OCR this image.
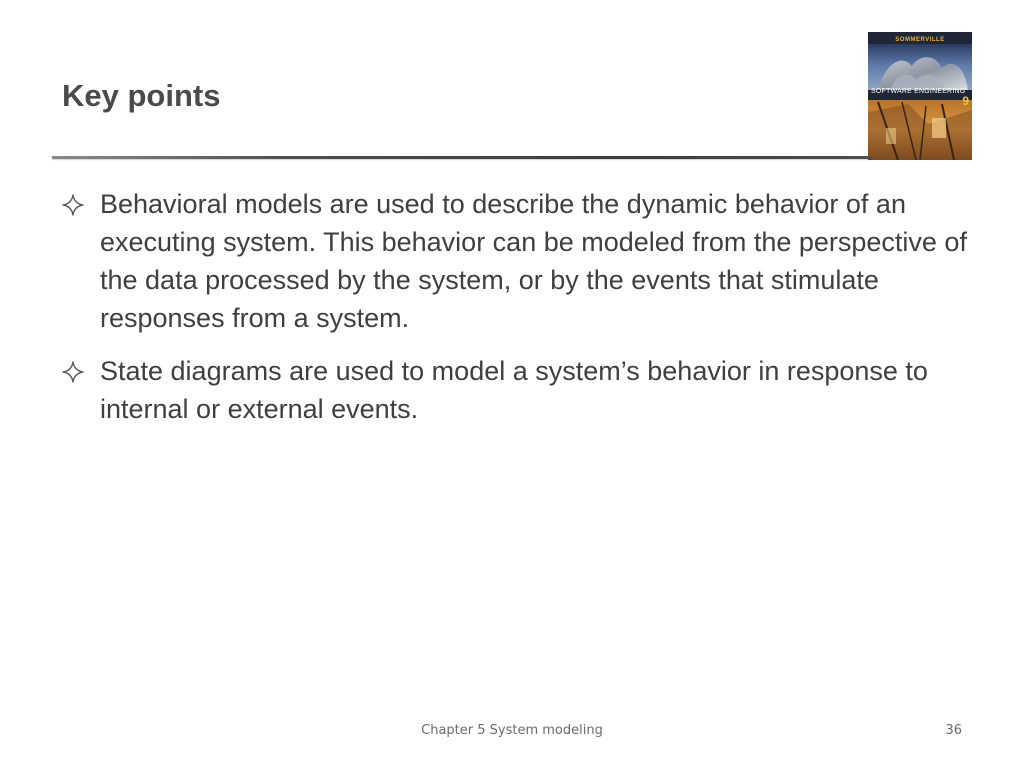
Key points
SOMMERVILLE
SOFTWARE ENGINEERING
9
Behavioral models are used to describe the dynamic behavior of an executing system. This behavior can be modeled from the perspective of the data processed by the system, or by the events that stimulate responses from a system.
State diagrams are used to model a system’s behavior in response to internal or external events.
Chapter 5 System modeling	36
